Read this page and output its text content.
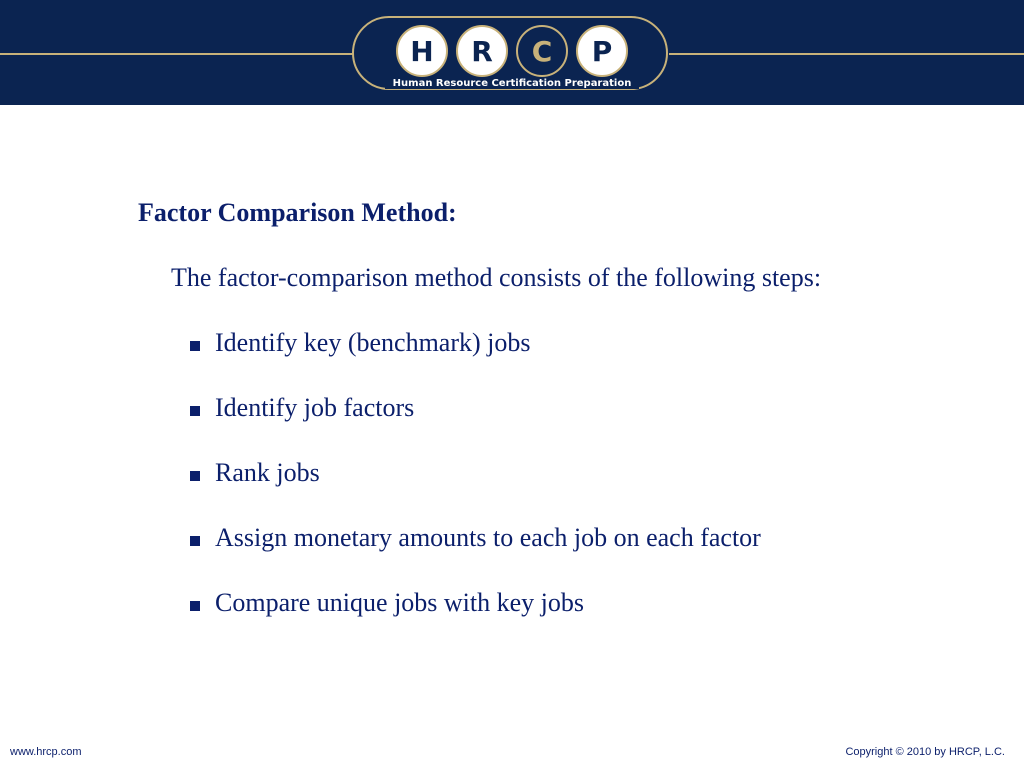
H	R	C	P
Human Resource Certification Preparation
Factor Comparison Method:
The factor-comparison method consists of the following steps:
Identify key (benchmark) jobs
Identify job factors
Rank jobs
Assign monetary amounts to each job on each factor
Compare unique jobs with key jobs
www.hrcp.com	Copyright © 2010 by HRCP, L.C.
